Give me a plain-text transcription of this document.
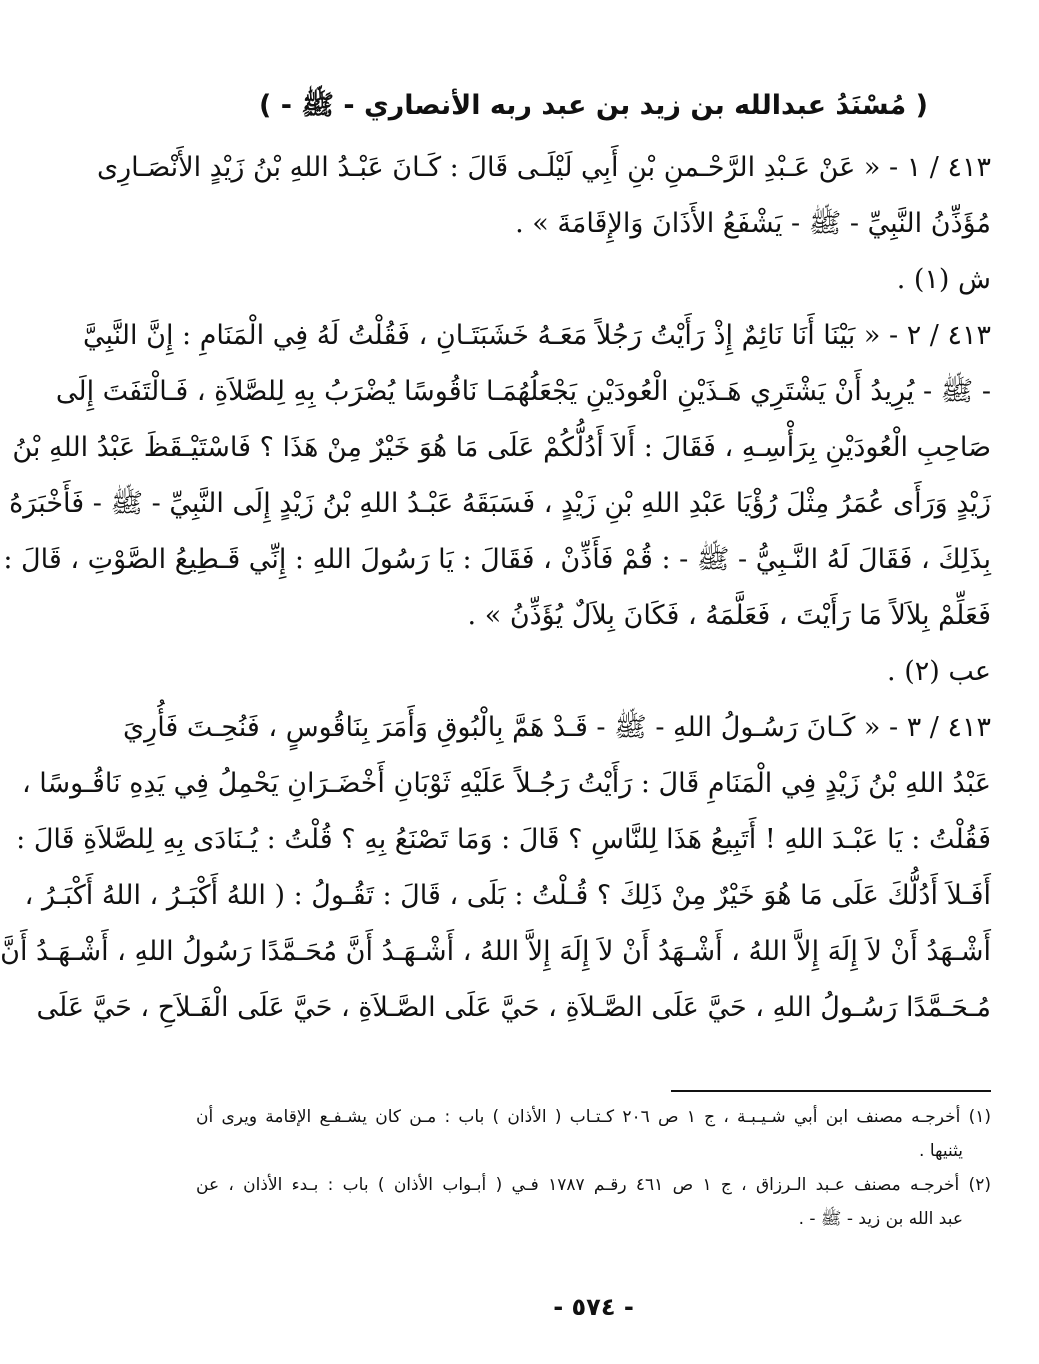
( مُسْنَدُ عبدالله بن زيد بن عبد ربه الأنصاري - ﷺ - )
٤١٣ / ١ - « عَنْ عَـبْدِ الرَّحْـمنِ بْنِ أَبِي لَيْلَـى قَالَ : كَـانَ عَبْـدُ اللهِ بْنُ زَيْدٍ الأَنْصَـارِى
مُؤَذِّنُ النَّبِيِّ - ﷺ - يَشْفَعُ الأَذَانَ وَالإِقَامَةَ » .
ش (١) .
٤١٣ / ٢ - « بَيْنَا أَنَا نَائِمٌ إِذْ رَأَيْتُ رَجُلاً مَعَـهُ خَشَبَتَـانِ ، فَقُلْتُ لَهُ فِي الْمَنَامِ : إِنَّ النَّبِيَّ
- ﷺ - يُرِيدُ أَنْ يَشْتَرِي هَـذَيْنِ الْعُودَيْنِ يَجْعَلُهُمَـا نَاقُوسًا يُضْرَبُ بِهِ لِلصَّلاَةِ ، فَـالْتَفَتَ إِلَى
صَاحِبِ الْعُودَيْنِ بِرَأْسِـهِ ، فَقَالَ : أَلاَ أَدُلُّكُمْ عَلَى مَا هُوَ خَيْرٌ مِنْ هَذَا ؟ فَاسْتَيْـقَظَ عَبْدُ اللهِ بْنُ
زَيْدٍ وَرَأَى عُمَرُ مِثْلَ رُؤْيَا عَبْدِ اللهِ بْنِ زَيْدٍ ، فَسَبَقَهُ عَبْـدُ اللهِ بْنُ زَيْدٍ إِلَى النَّبِيِّ - ﷺ - فَأَخْبَرَهُ
بِذَلِكَ ، فَقَالَ لَهُ النَّـبِيُّ - ﷺ - : قُمْ فَأَذِّنْ ، فَقَالَ : يَا رَسُولَ اللهِ : إِنِّي قَـطِيعُ الصَّوْتِ ، قَالَ :
فَعَلِّمْ بِلاَلاً مَا رَأَيْتَ ، فَعَلَّمَهُ ، فَكَانَ بِلاَلٌ يُؤَذِّنُ » .
عب (٢) .
٤١٣ / ٣ - « كَـانَ رَسُـولُ اللهِ - ﷺ - قَـدْ هَمَّ بِالْبُوقِ وَأَمَرَ بِنَاقُوسٍ ، فَنُحِـتَ فَأُرِيَ
عَبْدُ اللهِ بْنُ زَيْدٍ فِي الْمَنَامِ قَالَ : رَأَيْتُ رَجُـلاً عَلَيْهِ ثَوْبَانِ أَخْضَـرَانِ يَحْمِلُ فِي يَدِهِ نَاقُـوسًا ،
فَقُلْتُ : يَا عَبْـدَ اللهِ ! أَتَبِيعُ هَذَا لِلنَّاسِ ؟ قَالَ : وَمَا تَصْنَعُ بِهِ ؟ قُلْتُ : يُـنَادَى بِهِ لِلصَّلاَةِ قَالَ :
أَفَـلاَ أَدُلُّكَ عَلَى مَا هُوَ خَيْرٌ مِنْ ذَلِكَ ؟ قُـلْتُ : بَلَى ، قَالَ : تَقُـولُ : ( اللهُ أَكْبَـرُ ، اللهُ أَكْبَـرُ ،
أَشْـهَدُ أَنْ لاَ إِلَهَ إِلاَّ اللهُ ، أَشْـهَدُ أَنْ لاَ إِلَهَ إِلاَّ اللهُ ، أَشْـهَـدُ أَنَّ مُحَـمَّدًا رَسُولُ اللهِ ، أَشْـهَـدُ أَنَّ
مُـحَـمَّدًا رَسُـولُ اللهِ ، حَيَّ عَلَى الصَّـلاَةِ ، حَيَّ عَلَى الصَّـلاَةِ ، حَيَّ عَلَى الْفَـلاَحِ ، حَيَّ عَلَى
(١) أخرجـه مصنف ابن أبي شـيـبـة ، ج ١ ص ٢٠٦ كـتـاب ( الأذان ) باب : مـن كان يشـفـع الإقامة ويرى أن
يثنيها .
(٢) أخرجـه مصنف عـبد الـرزاق ، ج ١ ص ٤٦١ رقـم ١٧٨٧ فـي ( أبـواب الأذان ) باب : بـدء الأذان ، عن
عبد الله بن زيد - ﷺ - .
- ٥٧٤ -
